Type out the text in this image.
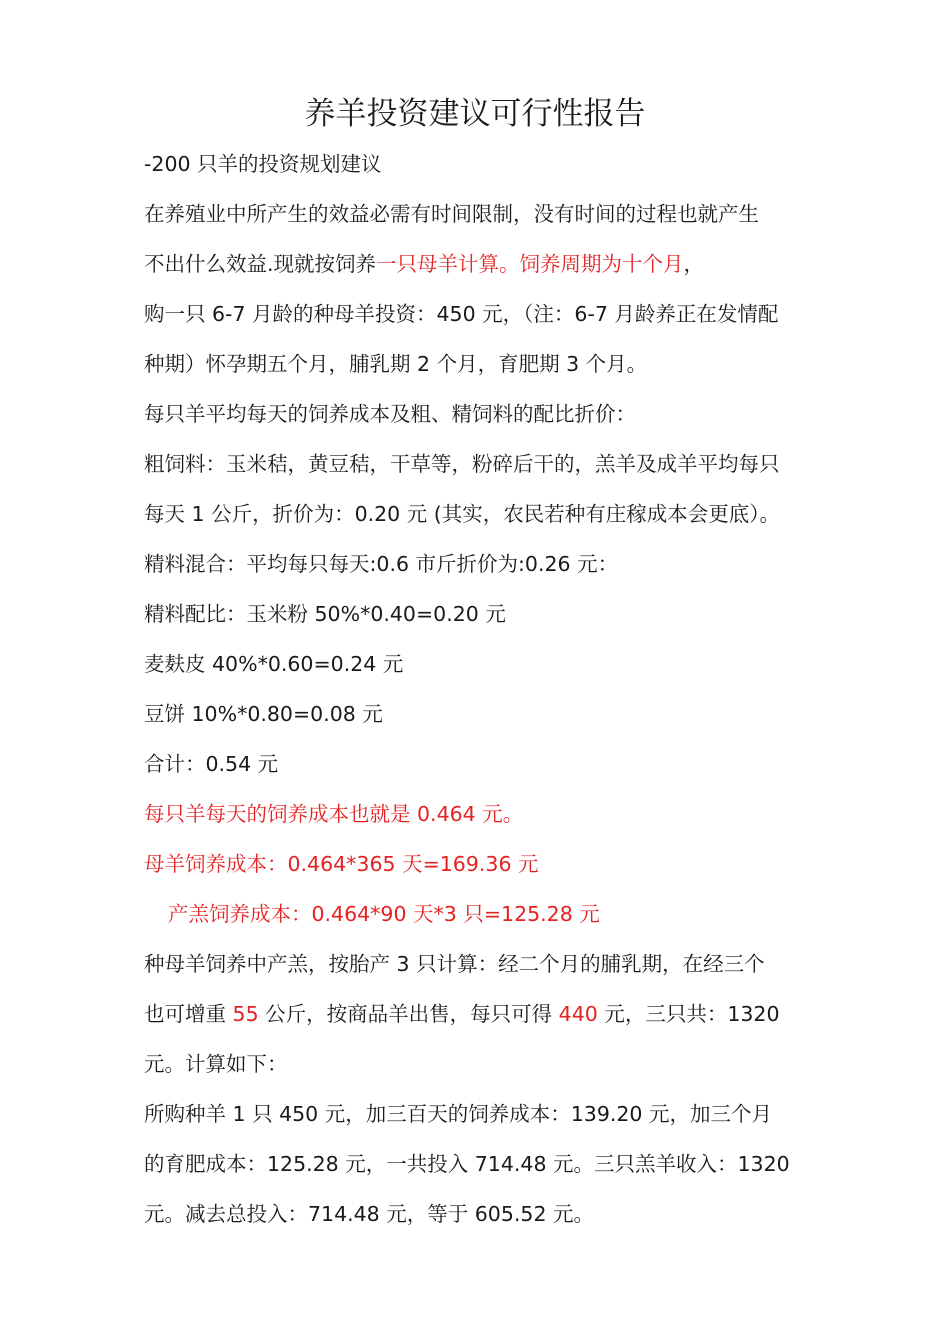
养羊投资建议可行性报告
-200 只羊的投资规划建议
在养殖业中所产生的效益必需有时间限制，没有时间的过程也就产生
不出什么效益.现就按饲养一只母羊计算。饲养周期为十个月，
购一只 6-7 月龄的种母羊投资：450 元，（注：6-7 月龄养正在发情配
种期）怀孕期五个月，脯乳期 2 个月，育肥期 3 个月。
每只羊平均每天的饲养成本及粗、精饲料的配比折价：
粗饲料：玉米秸，黄豆秸，干草等，粉碎后干的，羔羊及成羊平均每只
每天 1 公斤，折价为：0.20 元 (其实，农民若种有庄稼成本会更底）。
精料混合：平均每只每天:0.6 市斤折价为:0.26 元：
精料配比：玉米粉 50%*0.40=0.20 元
麦麸皮 40%*0.60=0.24 元
豆饼 10%*0.80=0.08 元
合计：0.54 元
每只羊每天的饲养成本也就是 0.464 元。
母羊饲养成本：0.464*365 天=169.36 元
产羔饲养成本：0.464*90 天*3 只=125.28 元
种母羊饲养中产羔，按胎产 3 只计算：经二个月的脯乳期，在经三个
也可增重 55 公斤，按商品羊出售，每只可得 440 元，三只共：1320
元。计算如下：
所购种羊 1 只 450 元，加三百天的饲养成本：139.20 元，加三个月
的育肥成本：125.28 元，一共投入 714.48 元。三只羔羊收入：1320
元。减去总投入：714.48 元，等于 605.52 元。
